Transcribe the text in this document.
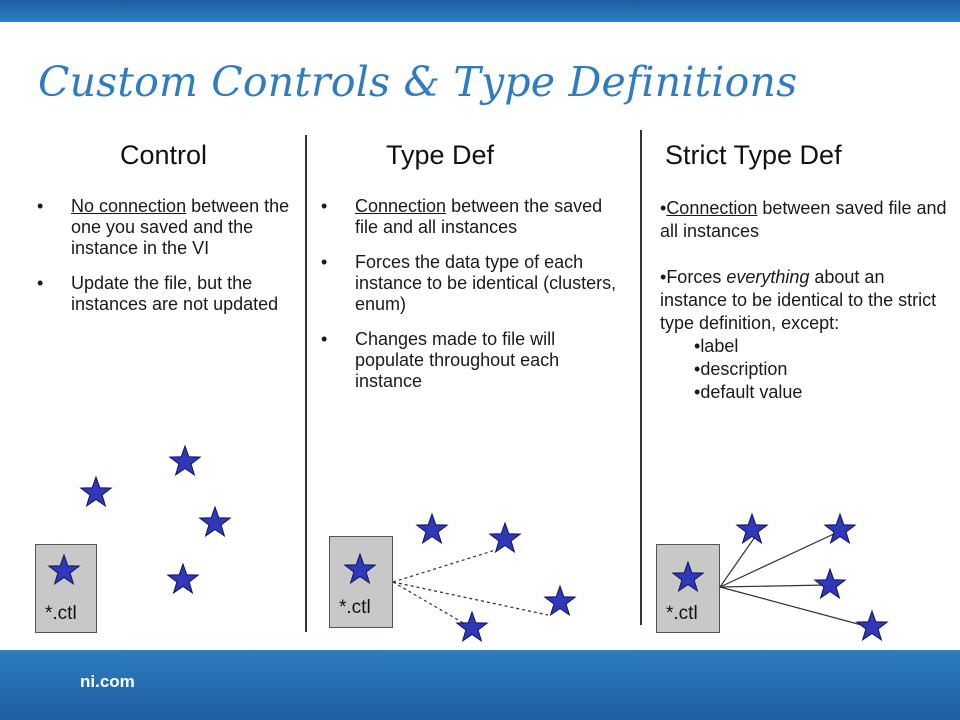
Custom Controls & Type Definitions
Control	Type Def	Strict Type Def
• No connection between the one you saved and the instance in the VI
• Update the file, but the instances are not updated
• Connection between the saved file and all instances
• Forces the data type of each instance to be identical (clusters, enum)
• Changes made to file will populate throughout each instance

•Connection between saved file and all instances

•Forces everything about an instance to be identical to the strict type definition, except:

•label
•description
•default value
*.ctl	*.ctl	*.ctl
ni.com
